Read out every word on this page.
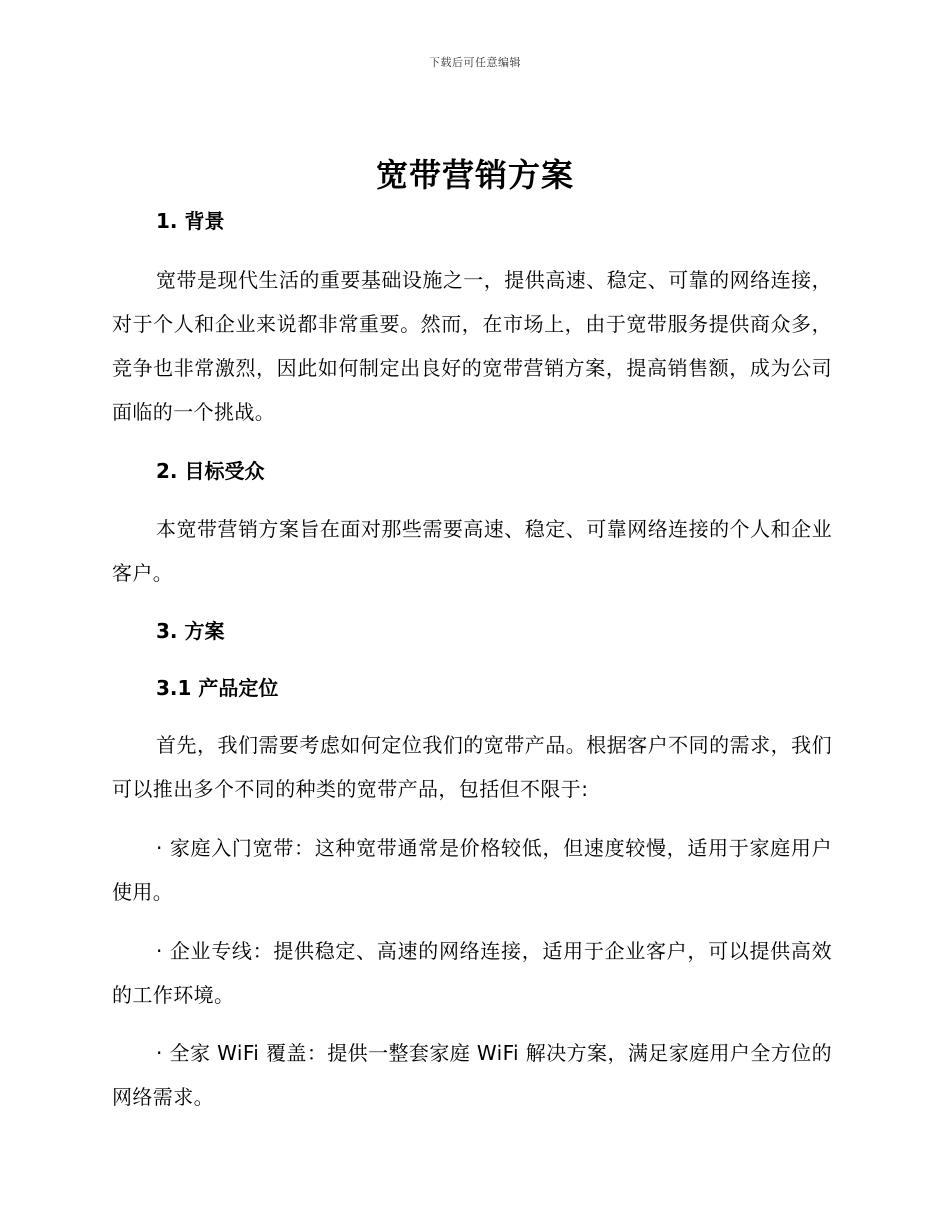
下载后可任意编辑
宽带营销方案
1. 背景
宽带是现代生活的重要基础设施之一，提供高速、稳定、可靠的网络连接，对于个人和企业来说都非常重要。然而，在市场上，由于宽带服务提供商众多，竞争也非常激烈，因此如何制定出良好的宽带营销方案，提高销售额，成为公司面临的一个挑战。
2. 目标受众
本宽带营销方案旨在面对那些需要高速、稳定、可靠网络连接的个人和企业客户。
3. 方案
3.1 产品定位
首先，我们需要考虑如何定位我们的宽带产品。根据客户不同的需求，我们可以推出多个不同的种类的宽带产品，包括但不限于:
· 家庭入门宽带：这种宽带通常是价格较低，但速度较慢，适用于家庭用户使用。
· 企业专线：提供稳定、高速的网络连接，适用于企业客户，可以提供高效的工作环境。
· 全家 WiFi 覆盖：提供一整套家庭 WiFi 解决方案，满足家庭用户全方位的网络需求。
